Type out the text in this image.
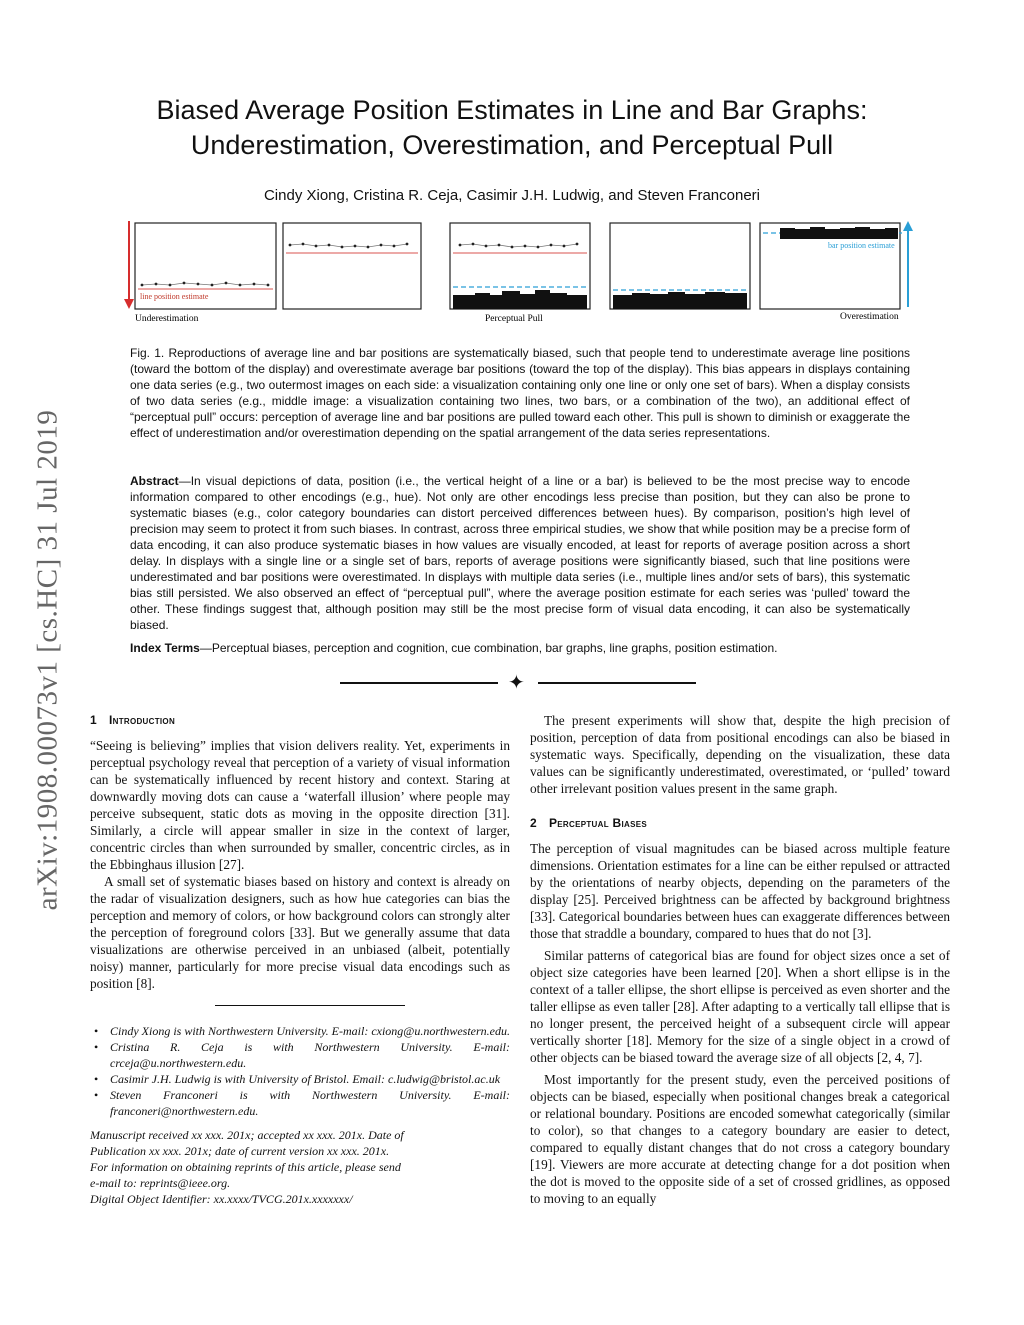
arXiv:1908.00073v1 [cs.HC] 31 Jul 2019
Biased Average Position Estimates in Line and Bar Graphs:
Underestimation, Overestimation, and Perceptual Pull
Cindy Xiong, Cristina R. Ceja, Casimir J.H. Ludwig, and Steven Franconeri
line position estimate
bar position estimate
Underestimation	Perceptual Pull	Overestimation
Fig. 1. Reproductions of average line and bar positions are systematically biased, such that people tend to underestimate average line positions (toward the bottom of the display) and overestimate average bar positions (toward the top of the display). This bias appears in displays containing one data series (e.g., two outermost images on each side: a visualization containing only one line or only one set of bars). When a display consists of two data series (e.g., middle image: a visualization containing two lines, two bars, or a combination of the two), an additional effect of “perceptual pull” occurs: perception of average line and bar positions are pulled toward each other. This pull is shown to diminish or exaggerate the effect of underestimation and/or overestimation depending on the spatial arrangement of the data series representations.
Abstract—In visual depictions of data, position (i.e., the vertical height of a line or a bar) is believed to be the most precise way to encode information compared to other encodings (e.g., hue). Not only are other encodings less precise than position, but they can also be prone to systematic biases (e.g., color category boundaries can distort perceived differences between hues). By comparison, position’s high level of precision may seem to protect it from such biases. In contrast, across three empirical studies, we show that while position may be a precise form of data encoding, it can also produce systematic biases in how values are visually encoded, at least for reports of average position across a short delay. In displays with a single line or a single set of bars, reports of average positions were significantly biased, such that line positions were underestimated and bar positions were overestimated. In displays with multiple data series (i.e., multiple lines and/or sets of bars), this systematic bias still persisted. We also observed an effect of “perceptual pull”, where the average position estimate for each series was ‘pulled’ toward the other. These findings suggest that, although position may still be the most precise form of visual data encoding, it can also be systematically biased.
Index Terms—Perceptual biases, perception and cognition, cue combination, bar graphs, line graphs, position estimation.
✦
1 Introduction

“Seeing is believing” implies that vision delivers reality. Yet, experiments in perceptual psychology reveal that perception of a variety of visual information can be systematically influenced by recent history and context. Staring at downwardly moving dots can cause a ‘waterfall illusion’ where people may perceive subsequent, static dots as moving in the opposite direction [31]. Similarly, a circle will appear smaller in size in the context of larger, concentric circles than when surrounded by smaller, concentric circles, as in the Ebbinghaus illusion [27].

A small set of systematic biases based on history and context is already on the radar of visualization designers, such as how hue categories can bias the perception and memory of colors, or how background colors can strongly alter the perception of foreground colors [33]. But we generally assume that data visualizations are otherwise perceived in an unbiased (albeit, potentially noisy) manner, particularly for more precise visual data encodings such as position [8].

• Cindy Xiong is with Northwestern University. E-mail: cxiong@u.northwestern.edu.
• Cristina R. Ceja is with Northwestern University. E-mail: crceja@u.northwestern.edu.
• Casimir J.H. Ludwig is with University of Bristol. Email: c.ludwig@bristol.ac.uk
• Steven Franconeri is with Northwestern University. E-mail: franconeri@northwestern.edu.
Manuscript received xx xxx. 201x; accepted xx xxx. 201x. Date of
Publication xx xxx. 201x; date of current version xx xxx. 201x.
For information on obtaining reprints of this article, please send
e-mail to: reprints@ieee.org.
Digital Object Identifier: xx.xxxx/TVCG.201x.xxxxxxx/

The present experiments will show that, despite the high precision of position, perception of data from positional encodings can also be biased in systematic ways. Specifically, depending on the visualization, these data values can be significantly underestimated, overestimated, or ‘pulled’ toward other irrelevant position values present in the same graph.

2 Perceptual Biases

The perception of visual magnitudes can be biased across multiple feature dimensions. Orientation estimates for a line can be either repulsed or attracted by the orientations of nearby objects, depending on the parameters of the display [25]. Perceived brightness can be affected by background brightness [33]. Categorical boundaries between hues can exaggerate differences between those that straddle a boundary, compared to hues that do not [3].

Similar patterns of categorical bias are found for object sizes once a set of object size categories have been learned [20]. When a short ellipse is in the context of a taller ellipse, the short ellipse is perceived as even shorter and the taller ellipse as even taller [28]. After adapting to a vertically tall ellipse that is no longer present, the perceived height of a subsequent circle will appear vertically shorter [18]. Memory for the size of a single object in a crowd of other objects can be biased toward the average size of all objects [2, 4, 7].

Most importantly for the present study, even the perceived positions of objects can be biased, especially when positional changes break a categorical or relational boundary. Positions are encoded somewhat categorically (similar to color), so that changes to a category boundary are easier to detect, compared to equally distant changes that do not cross a category boundary [19]. Viewers are more accurate at detecting change for a dot position when the dot is moved to the opposite side of a set of crossed gridlines, as opposed to moving to an equally
